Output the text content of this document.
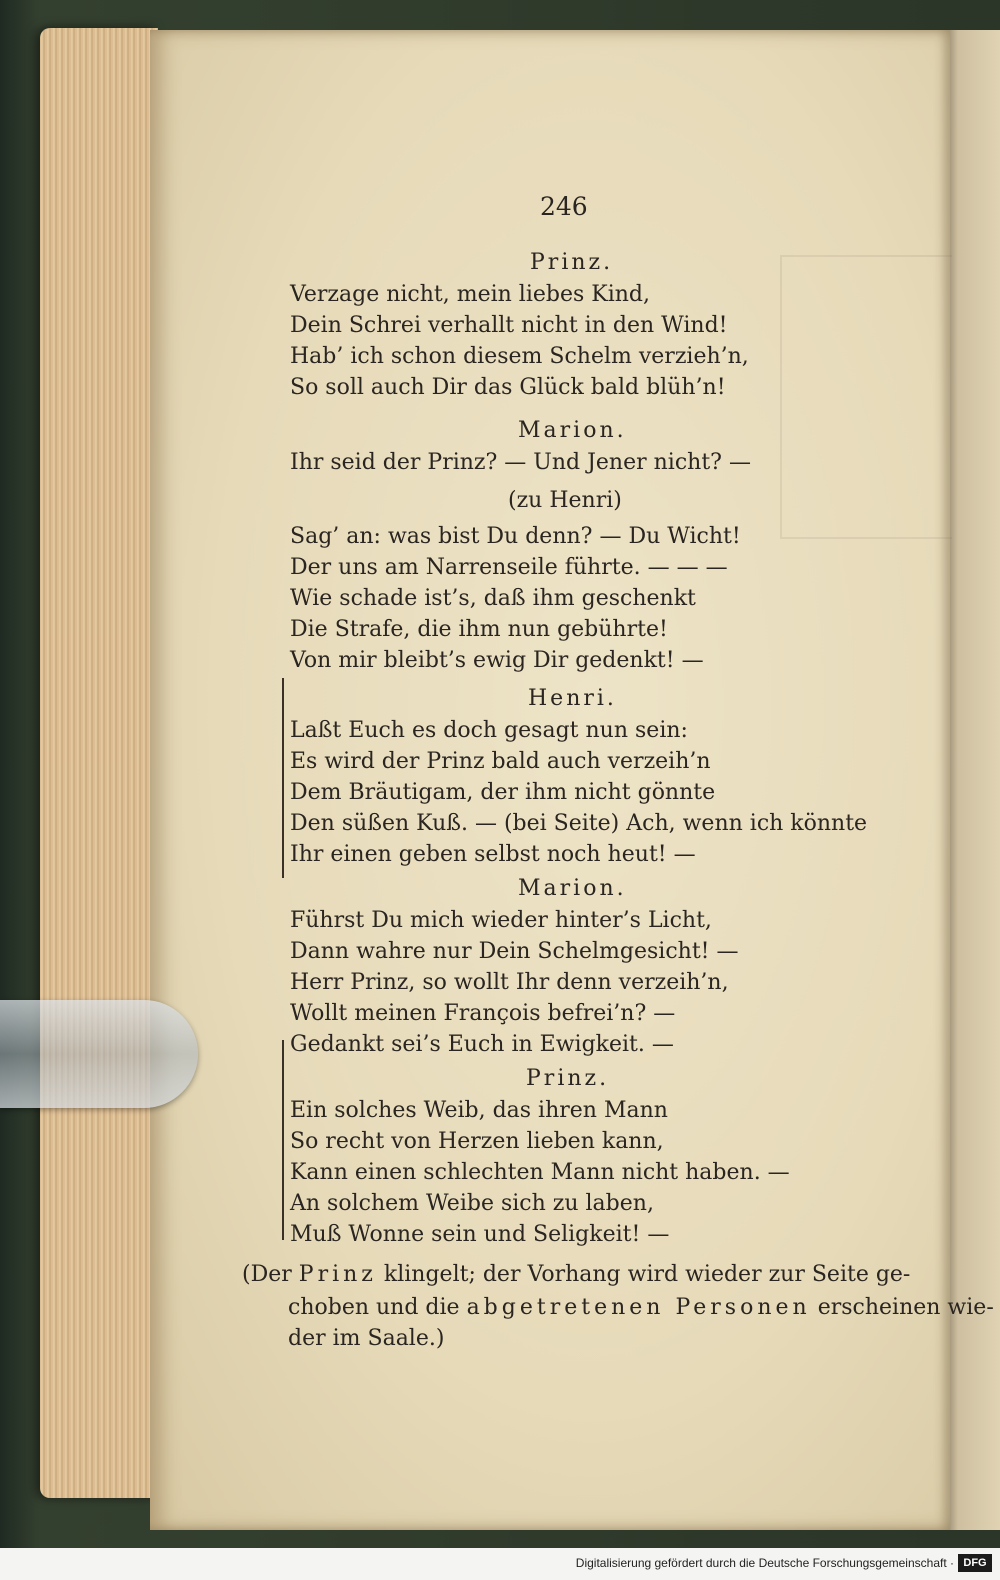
246
Prinz.
Verzage nicht, mein liebes Kind,
Dein Schrei verhallt nicht in den Wind!
Hab’ ich schon diesem Schelm verzieh’n,
So soll auch Dir das Glück bald blüh’n!
Marion.
Ihr seid der Prinz? — Und Jener nicht? —
(zu Henri)
Sag’ an: was bist Du denn? — Du Wicht!
Der uns am Narrenseile führte. — — —
Wie schade ist’s, daß ihm geschenkt
Die Strafe, die ihm nun gebührte!
Von mir bleibt’s ewig Dir gedenkt! —
Henri.
Laßt Euch es doch gesagt nun sein:
Es wird der Prinz bald auch verzeih’n
Dem Bräutigam, der ihm nicht gönnte
Den süßen Kuß. — (bei Seite) Ach, wenn ich könnte
Ihr einen geben selbst noch heut! —
Marion.
Führst Du mich wieder hinter’s Licht,
Dann wahre nur Dein Schelmgesicht! —
Herr Prinz, so wollt Ihr denn verzeih’n,
Wollt meinen François befrei’n? —
Gedankt sei’s Euch in Ewigkeit. —
Prinz.
Ein solches Weib, das ihren Mann
So recht von Herzen lieben kann,
Kann einen schlechten Mann nicht haben. —
An solchem Weibe sich zu laben,
Muß Wonne sein und Seligkeit! —
(Der Prinz klingelt; der Vorhang wird wieder zur Seite ge-
choben und die abgetretenen Personen erscheinen wie-
der im Saale.)
Digitalisierung gefördert durch die Deutsche Forschungsgemeinschaft · DFG
